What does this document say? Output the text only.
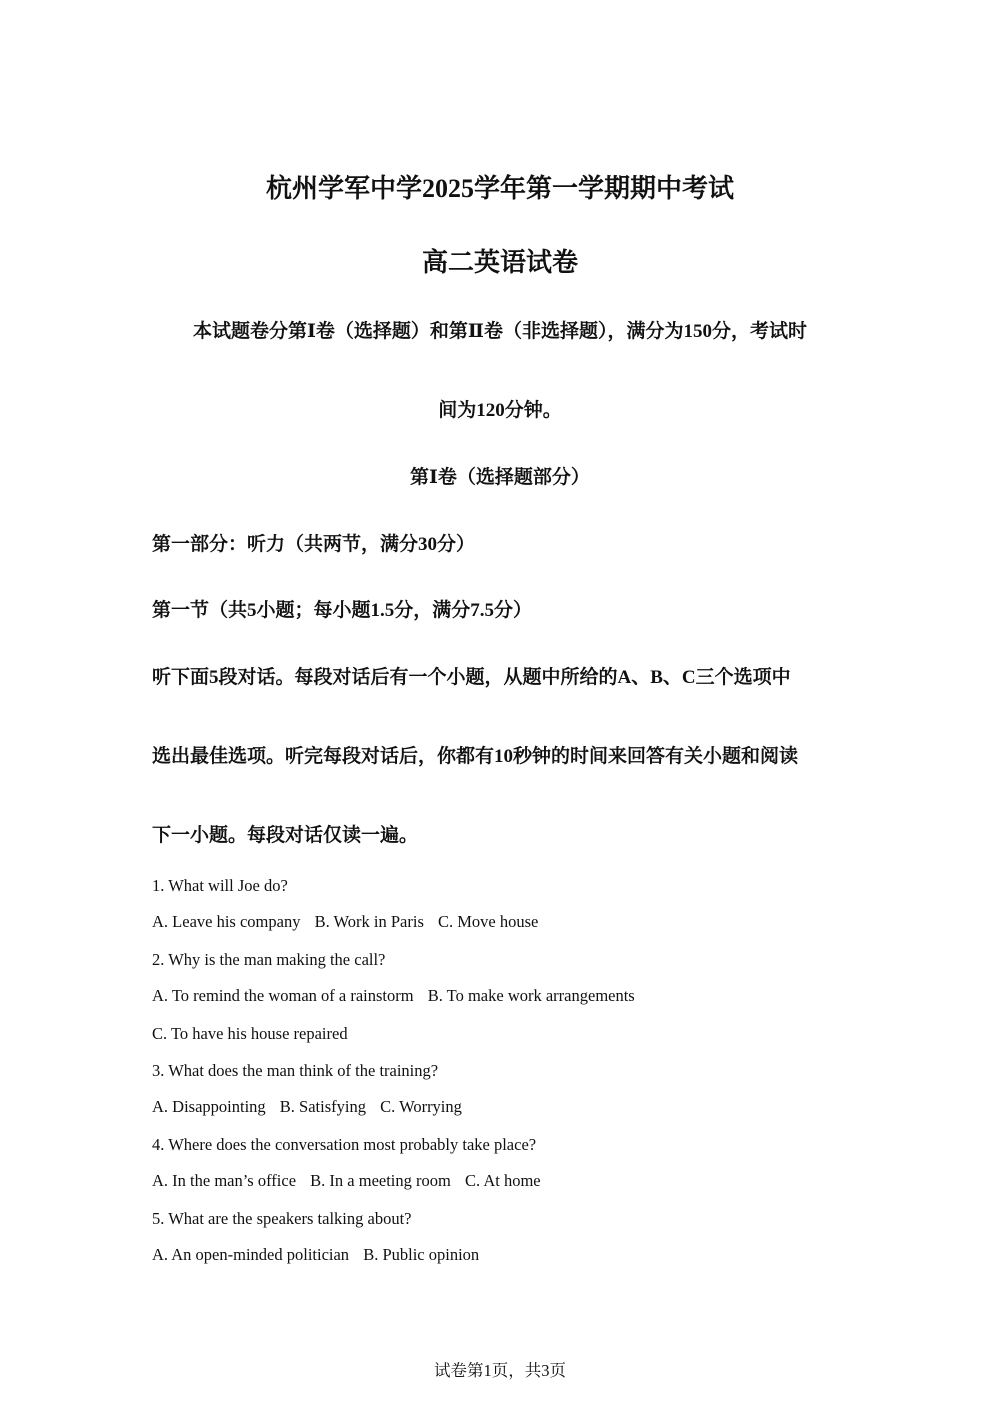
杭州学军中学2025学年第一学期期中考试
高二英语试卷
本试题卷分第Ⅰ卷（选择题）和第Ⅱ卷（非选择题），满分为150分，考试时
间为120分钟。
第Ⅰ卷（选择题部分）
第一部分：听力（共两节，满分30分）
第一节（共5小题；每小题1.5分，满分7.5分）
听下面5段对话。每段对话后有一个小题，从题中所给的A、B、C三个选项中
选出最佳选项。听完每段对话后，你都有10秒钟的时间来回答有关小题和阅读
下一小题。每段对话仅读一遍。
1. What will Joe do?
A. Leave his company B. Work in Paris C. Move house
2. Why is the man making the call?
A. To remind the woman of a rainstorm B. To make work arrangements
C. To have his house repaired
3. What does the man think of the training?
A. Disappointing B. Satisfying C. Worrying
4. Where does the conversation most probably take place?
A. In the man’s office B. In a meeting room C. At home
5. What are the speakers talking about?
A. An open-minded politician B. Public opinion
试卷第1页，共3页
